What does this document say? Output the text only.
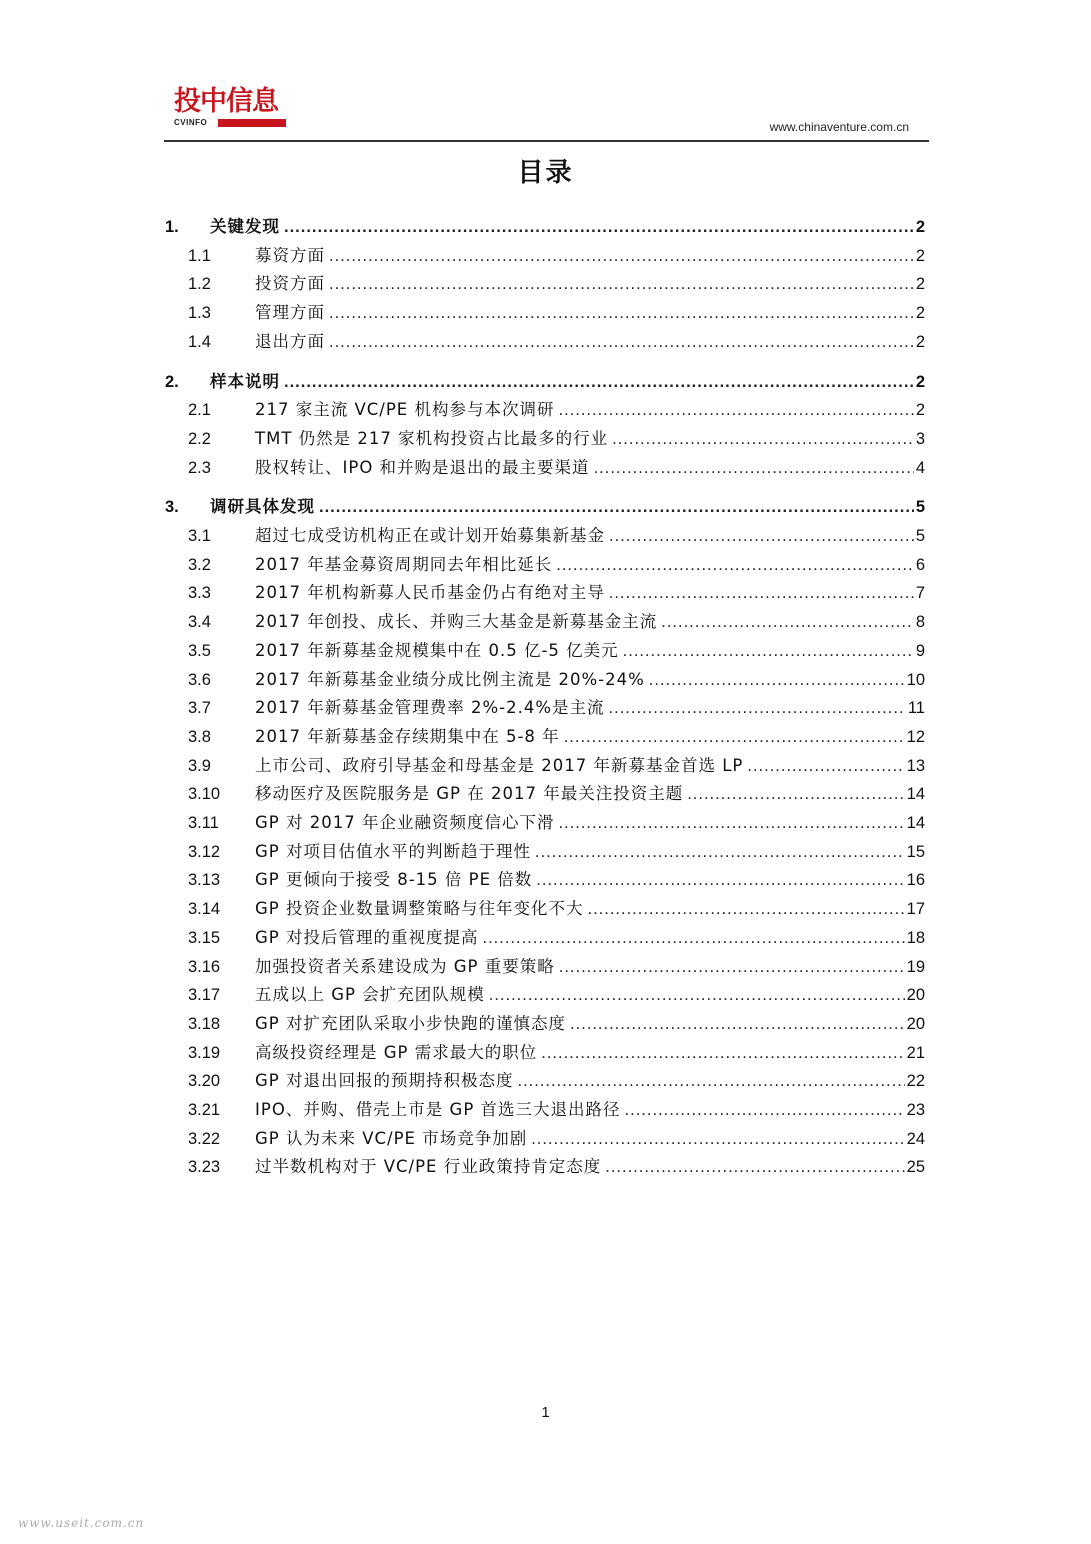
投中信息
CVINFO	www.chinaventure.com.cn
目录
1.	关键发现 .....	2
1.1	募资方面 .....	2
1.2	投资方面 .....	2
1.3	管理方面 .....	2
1.4	退出方面 .....	2
2.	样本说明 .....	2
2.1	217 家主流 VC/PE 机构参与本次调研 .....	2
2.2	TMT 仍然是 217 家机构投资占比最多的行业 .....	3
2.3	股权转让、IPO 和并购是退出的最主要渠道 .....	4
3.	调研具体发现 .....	5
3.1	超过七成受访机构正在或计划开始募集新基金 .....	5
3.2	2017 年基金募资周期同去年相比延长 .....	6
3.3	2017 年机构新募人民币基金仍占有绝对主导 .....	7
3.4	2017 年创投、成长、并购三大基金是新募基金主流 .....	8
3.5	2017 年新募基金规模集中在 0.5 亿-5 亿美元 .....	9
3.6	2017 年新募基金业绩分成比例主流是 20%-24% .....	10
3.7	2017 年新募基金管理费率 2%-2.4%是主流 .....	11
3.8	2017 年新募基金存续期集中在 5-8 年 .....	12
3.9	上市公司、政府引导基金和母基金是 2017 年新募基金首选 LP .....	13
3.10	移动医疗及医院服务是 GP 在 2017 年最关注投资主题 .....	14
3.11	GP 对 2017 年企业融资频度信心下滑 .....	14
3.12	GP 对项目估值水平的判断趋于理性 .....	15
3.13	GP 更倾向于接受 8-15 倍 PE 倍数 .....	16
3.14	GP 投资企业数量调整策略与往年变化不大 .....	17
3.15	GP 对投后管理的重视度提高 .....	18
3.16	加强投资者关系建设成为 GP 重要策略 .....	19
3.17	五成以上 GP 会扩充团队规模 .....	20
3.18	GP 对扩充团队采取小步快跑的谨慎态度 .....	20
3.19	高级投资经理是 GP 需求最大的职位 .....	21
3.20	GP 对退出回报的预期持积极态度 .....	22
3.21	IPO、并购、借壳上市是 GP 首选三大退出路径 .....	23
3.22	GP 认为未来 VC/PE 市场竞争加剧 .....	24
3.23	过半数机构对于 VC/PE 行业政策持肯定态度 .....	25
1
www.useit.com.cn
